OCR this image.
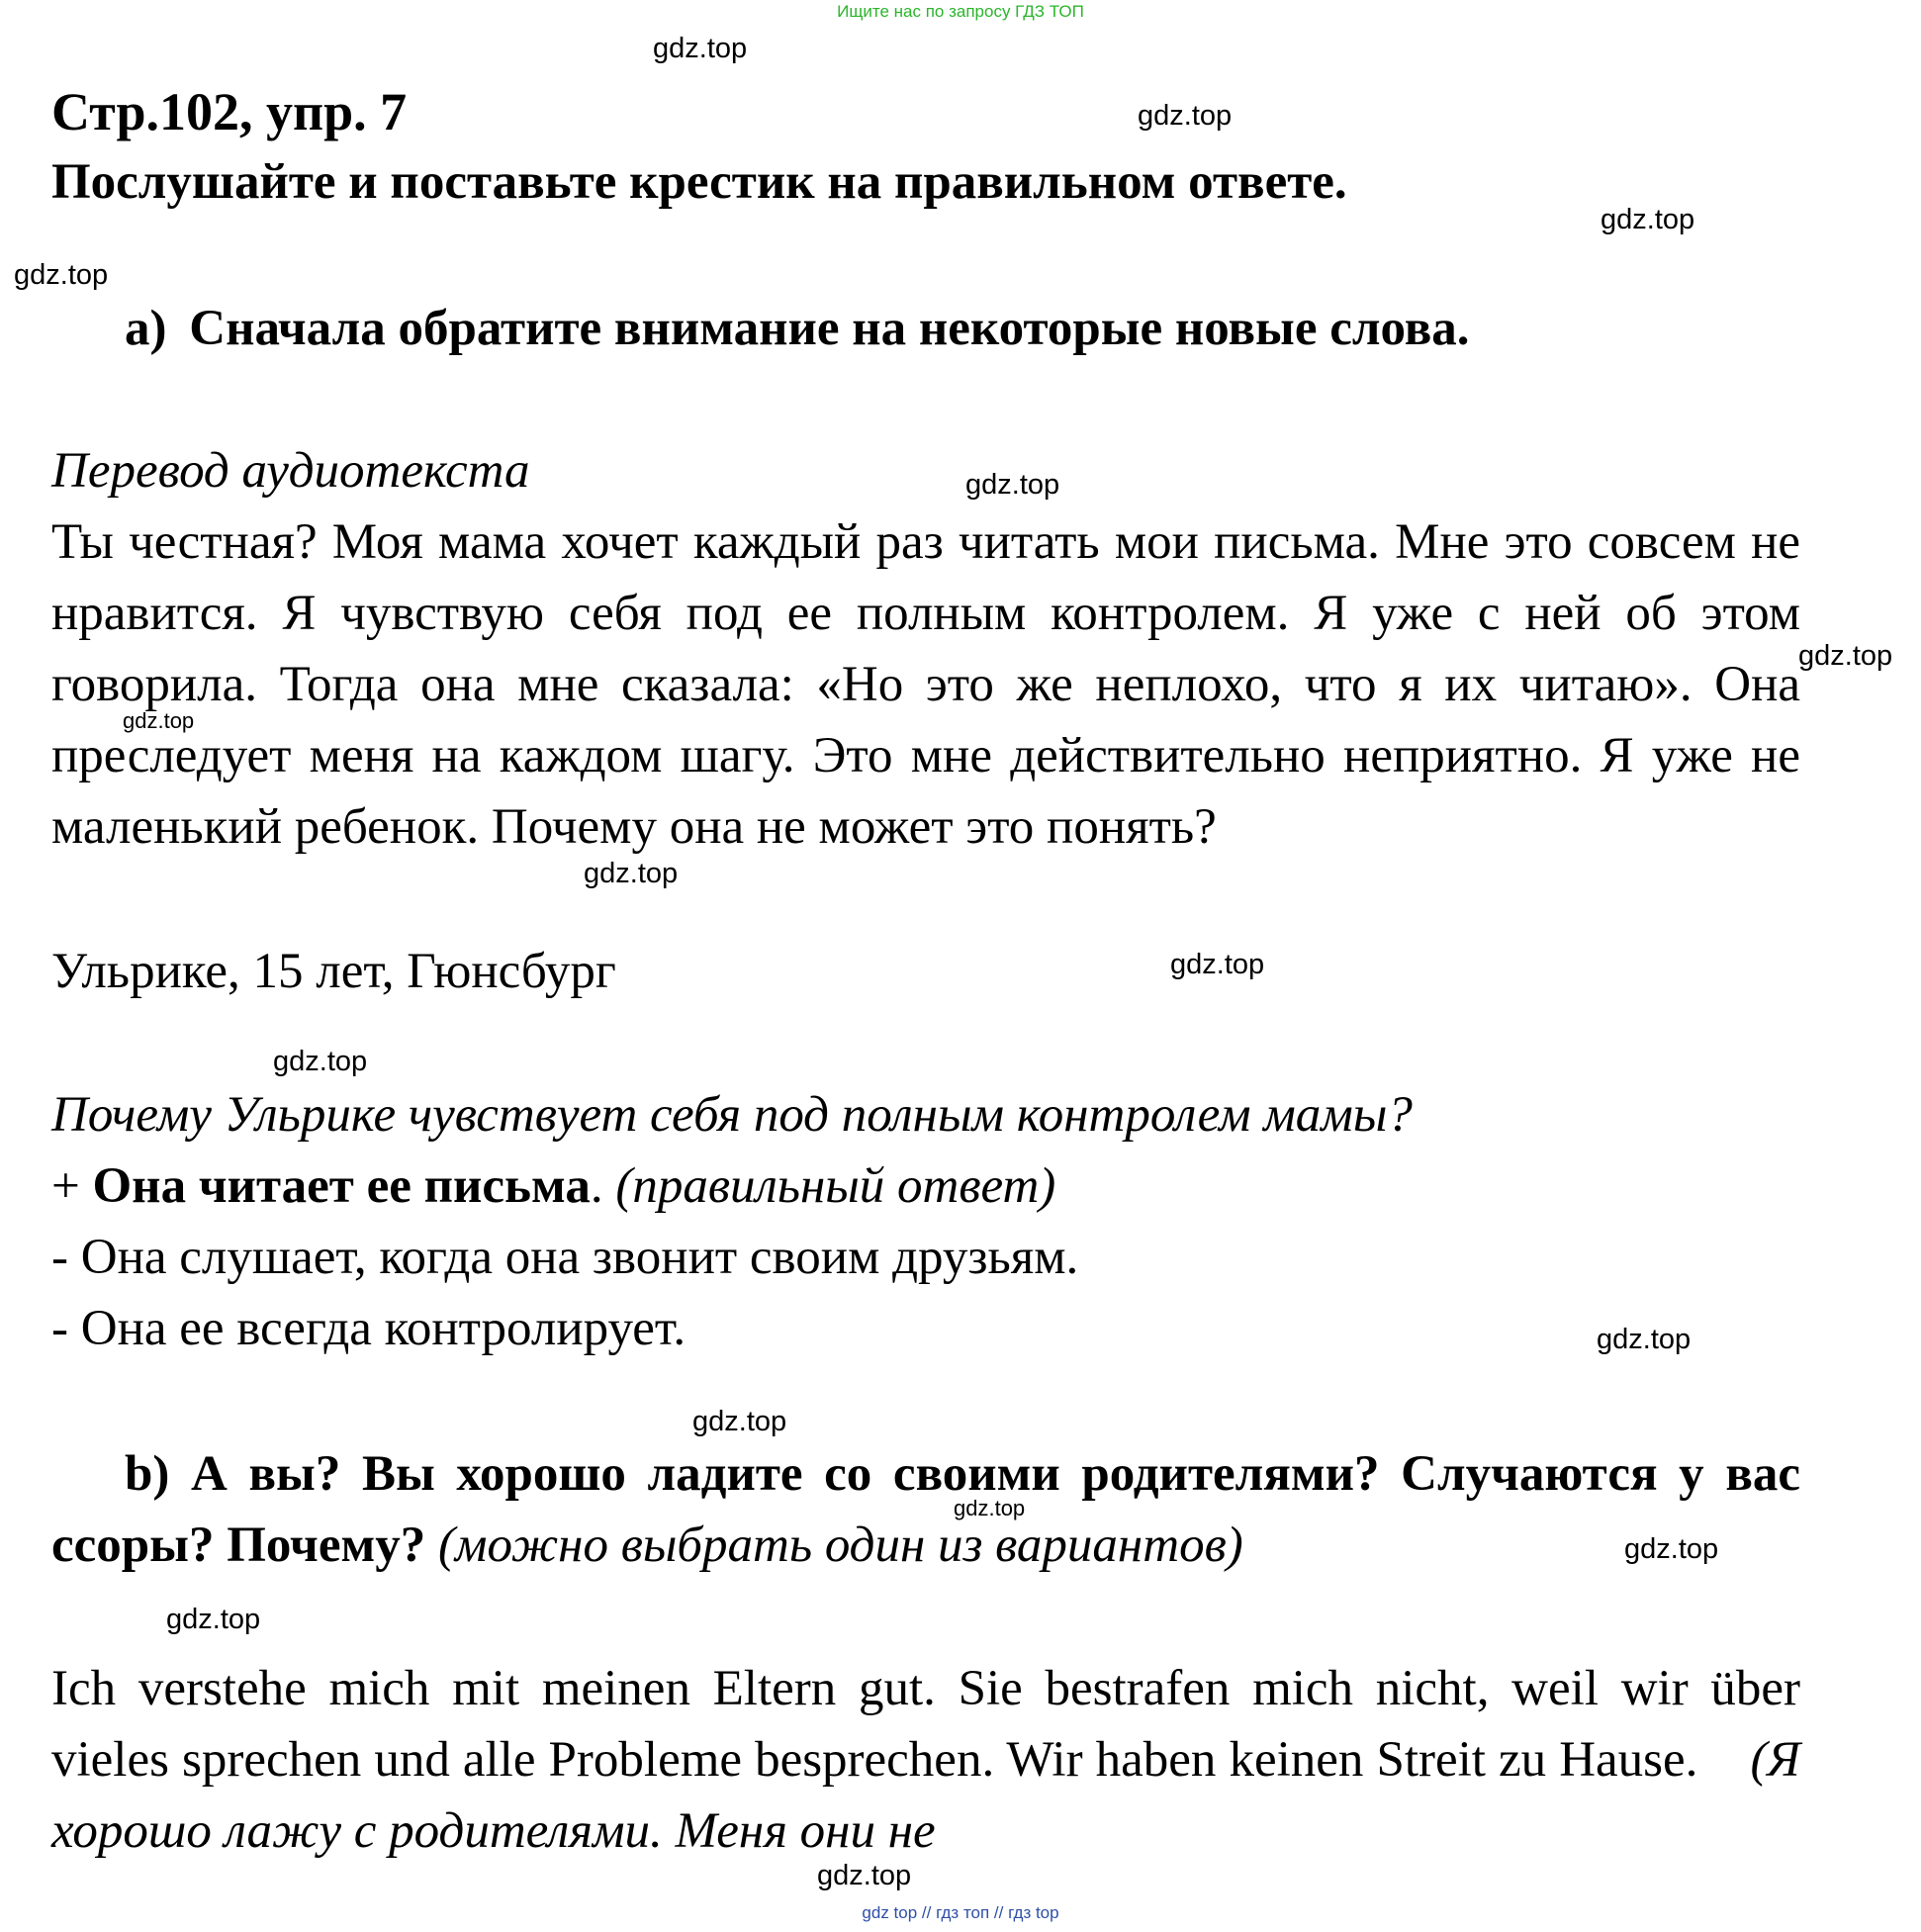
Ищите нас по запросу ГДЗ ТОП
gdz.top
gdz.top
gdz.top
gdz.top
gdz.top
gdz.top
gdz.top
gdz.top
gdz.top
gdz.top
gdz.top
gdz.top
gdz.top
gdz.top
gdz.top
gdz.top
Стр.102, упр. 7
Послушайте и поставьте крестик на правильном ответе.
а) Сначала обратите внимание на некоторые новые слова.
Перевод аудиотекста
Ты честная? Моя мама хочет каждый раз читать мои письма. Мне это совсем не нравится. Я чувствую себя под ее полным контролем. Я уже с ней об этом говорила. Тогда она мне сказала: «Но это же неплохо, что я их читаю». Она преследует меня на каждом шагу. Это мне действительно неприятно. Я уже не маленький ребенок. Почему она не может это понять?
Ульрике, 15 лет, Гюнсбург
Почему Ульрике чувствует себя под полным контролем мамы?
+ Она читает ее письма. (правильный ответ)
- Она слушает, когда она звонит своим друзьям.
- Она ее всегда контролирует.
b) А вы? Вы хорошо ладите со своими родителями? Случаются у вас ссоры? Почему? (можно выбрать один из вариантов)
Ich verstehe mich mit meinen Eltern gut. Sie bestrafen mich nicht, weil wir über vieles sprechen und alle Probleme besprechen. Wir haben keinen Streit zu Hause. (Я хорошо лажу с родителями. Меня они не
gdz top // гдз топ // гдз top
